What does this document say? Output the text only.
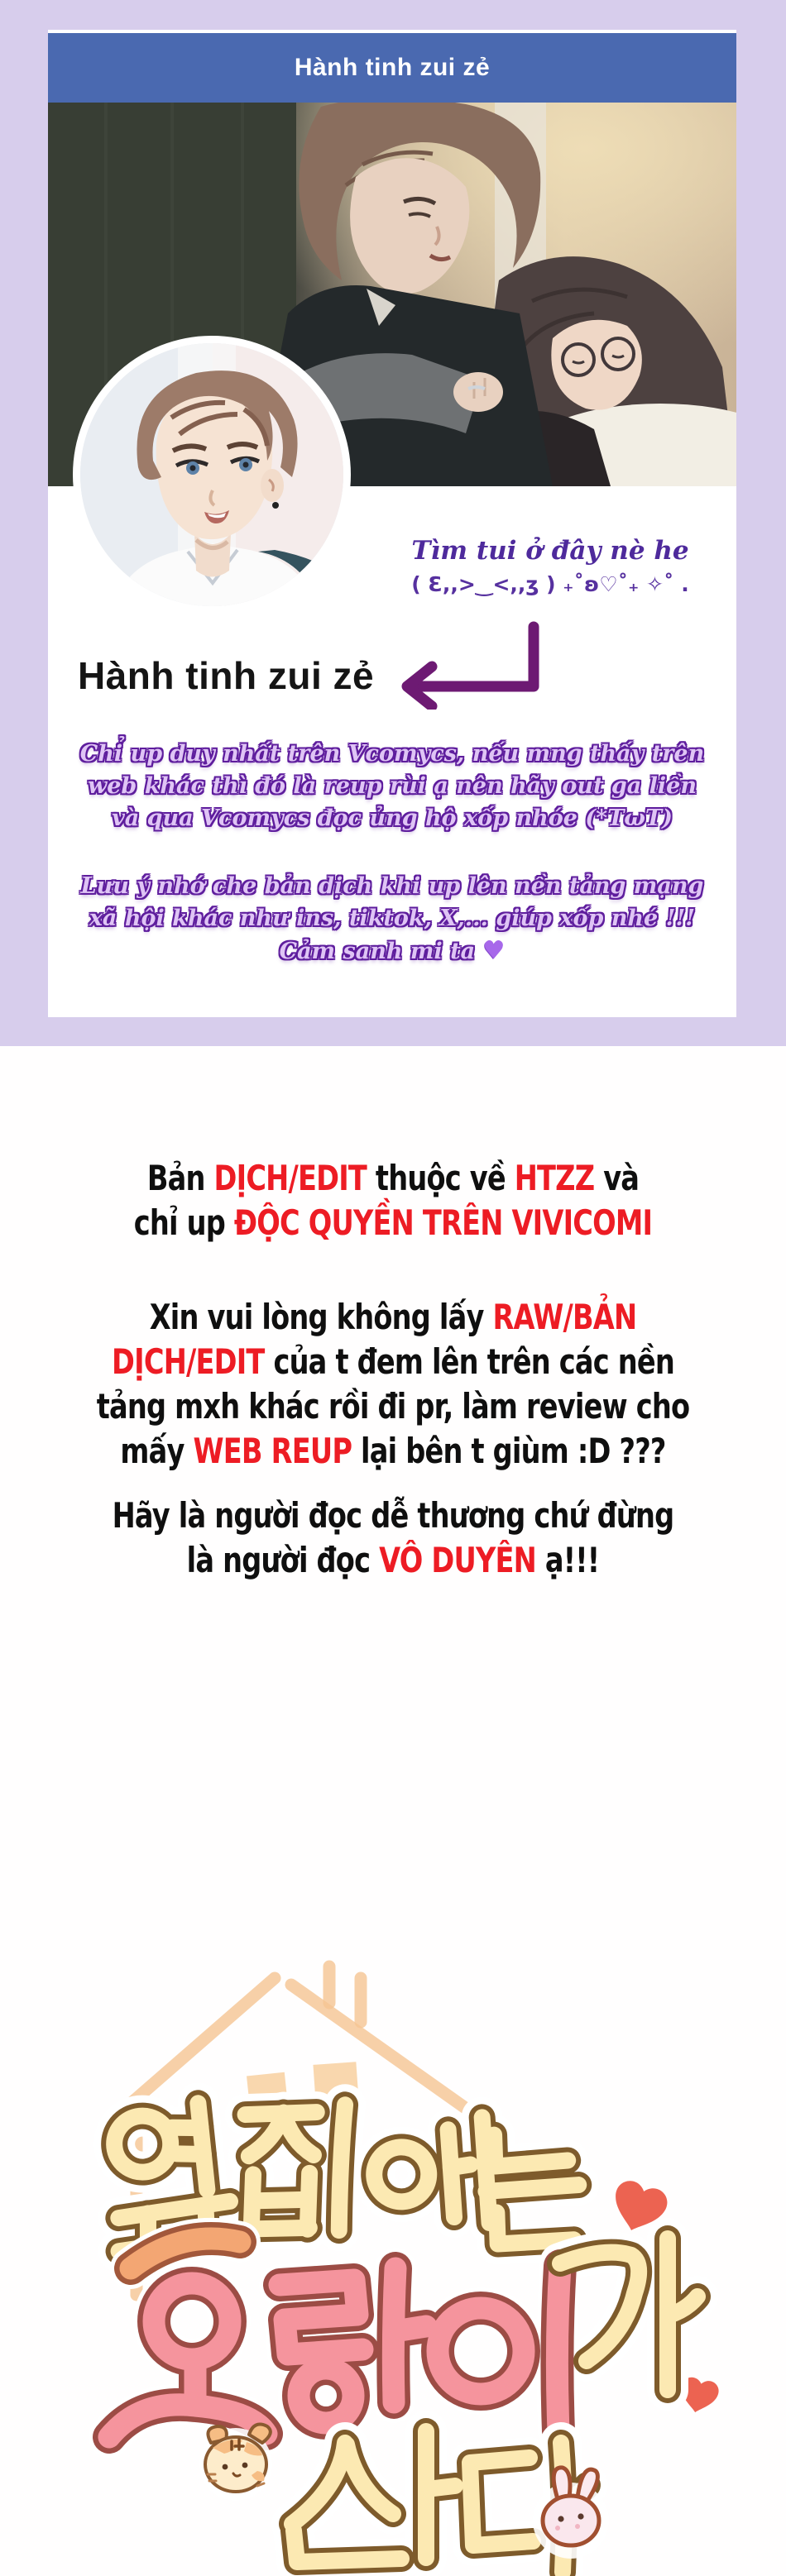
Hành tinh zui zẻ
Tìm tui ở đây nè he
( Ɛ,,>‿<,,ʒ ) ₊˚ʚ♡˚₊ ✧˚ .
Hành tinh zui zẻ
Chỉ up duy nhất trên Vcomycs, nếu mng thấy trên
web khác thì đó là reup rùi ạ nên hãy out ga liền
và qua Vcomycs đọc ủng hộ xốp nhóe (*TωT)
Lưu ý nhớ che bản dịch khi up lên nền tảng mạng
xã hội khác như ins, tiktok, X,... giúp xốp nhé !!!
Cảm sanh mi ta ♥
Bản DỊCH/EDIT thuộc về HTZZ và
chỉ up ĐỘC QUYỀN TRÊN VIVICOMI
Xin vui lòng không lấy RAW/BẢN
DỊCH/EDIT của t đem lên trên các nền
tảng mxh khác rồi đi pr, làm review cho
mấy WEB REUP lại bên t giùm :D ???
Hãy là người đọc dễ thương chứ đừng
là người đọc VÔ DUYÊN ạ!!!
